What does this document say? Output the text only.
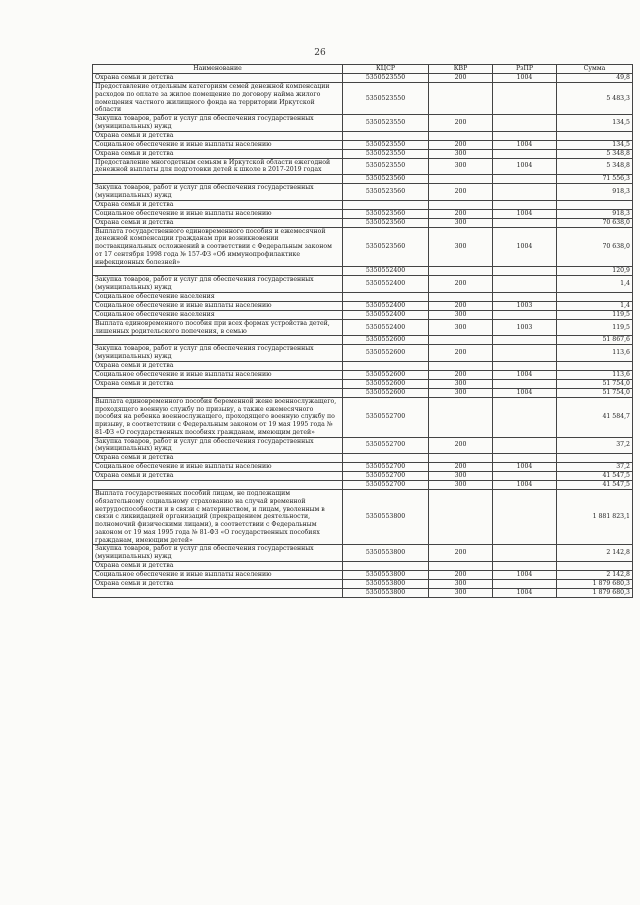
26
Наименование	КЦСР	КВР	РзПР	Сумма
Охрана семьи и детства	5350523550	200	1004	49,8
Предоставление отдельным категориям семей денежной компенсации расходов по оплате за жилое помещение по договору найма жилого помещения частного жилищного фонда на территории Иркутской области	5350523550			5 483,3
Закупка товаров, работ и услуг для обеспечения государственных (муниципальных) нужд	5350523550	200		134,5
Охрана семьи и детства				
Социальное обеспечение и иные выплаты населению	5350523550	200	1004	134,5
Охрана семьи и детства	5350523550	300		5 348,8
Предоставление многодетным семьям в Иркутской области ежегодной денежной выплаты для подготовки детей к школе в 2017-2019 годах	5350523550	300	1004	5 348,8
	5350523560			71 556,3
Закупка товаров, работ и услуг для обеспечения государственных (муниципальных) нужд	5350523560	200		918,3
Охрана семьи и детства				
Социальное обеспечение и иные выплаты населению	5350523560	200	1004	918,3
Охрана семьи и детства	5350523560	300		70 638,0
Выплата государственного единовременного пособия и ежемесячной денежной компенсации гражданам при возникновении поствакцинальных осложнений в соответствии с Федеральным законом от 17 сентября 1998 года № 157-ФЗ «Об иммунопрофилактике инфекционных болезней»	5350523560	300	1004	70 638,0
	5350552400			120,9
Закупка товаров, работ и услуг для обеспечения государственных (муниципальных) нужд	5350552400	200		1,4
Социальное обеспечение населения				
Социальное обеспечение и иные выплаты населению	5350552400	200	1003	1,4
Социальное обеспечение населения	5350552400	300		119,5
Выплата единовременного пособия при всех формах устройства детей, лишенных родительского попечения, в семью	5350552400	300	1003	119,5
	5350552600			51 867,6
Закупка товаров, работ и услуг для обеспечения государственных (муниципальных) нужд	5350552600	200		113,6
Охрана семьи и детства				
Социальное обеспечение и иные выплаты населению	5350552600	200	1004	113,6
Охрана семьи и детства	5350552600	300		51 754,0
	5350552600	300	1004	51 754,0
Выплата единовременного пособия беременной жене военнослужащего, проходящего военную службу по призыву, а также ежемесячного пособия на ребенка военнослужащего, проходящего военную службу по призыву, в соответствии с Федеральным законом от 19 мая 1995 года № 81-ФЗ «О государственных пособиях гражданам, имеющим детей»	5350552700			41 584,7
Закупка товаров, работ и услуг для обеспечения государственных (муниципальных) нужд	5350552700	200		37,2
Охрана семьи и детства				
Социальное обеспечение и иные выплаты населению	5350552700	200	1004	37,2
Охрана семьи и детства	5350552700	300		41 547,5
	5350552700	300	1004	41 547,5
Выплата государственных пособий лицам, не подлежащим обязательному социальному страхованию на случай временной нетрудоспособности и в связи с материнством, и лицам, уволенным в связи с ликвидацией организаций (прекращением деятельности, полномочий физическими лицами), в соответствии с Федеральным законом от 19 мая 1995 года № 81-ФЗ «О государственных пособиях гражданам, имеющим детей»	5350553800			1 881 823,1
Закупка товаров, работ и услуг для обеспечения государственных (муниципальных) нужд	5350553800	200		2 142,8
Охрана семьи и детства				
Социальное обеспечение и иные выплаты населению	5350553800	200	1004	2 142,8
Охрана семьи и детства	5350553800	300		1 879 680,3
	5350553800	300	1004	1 879 680,3
